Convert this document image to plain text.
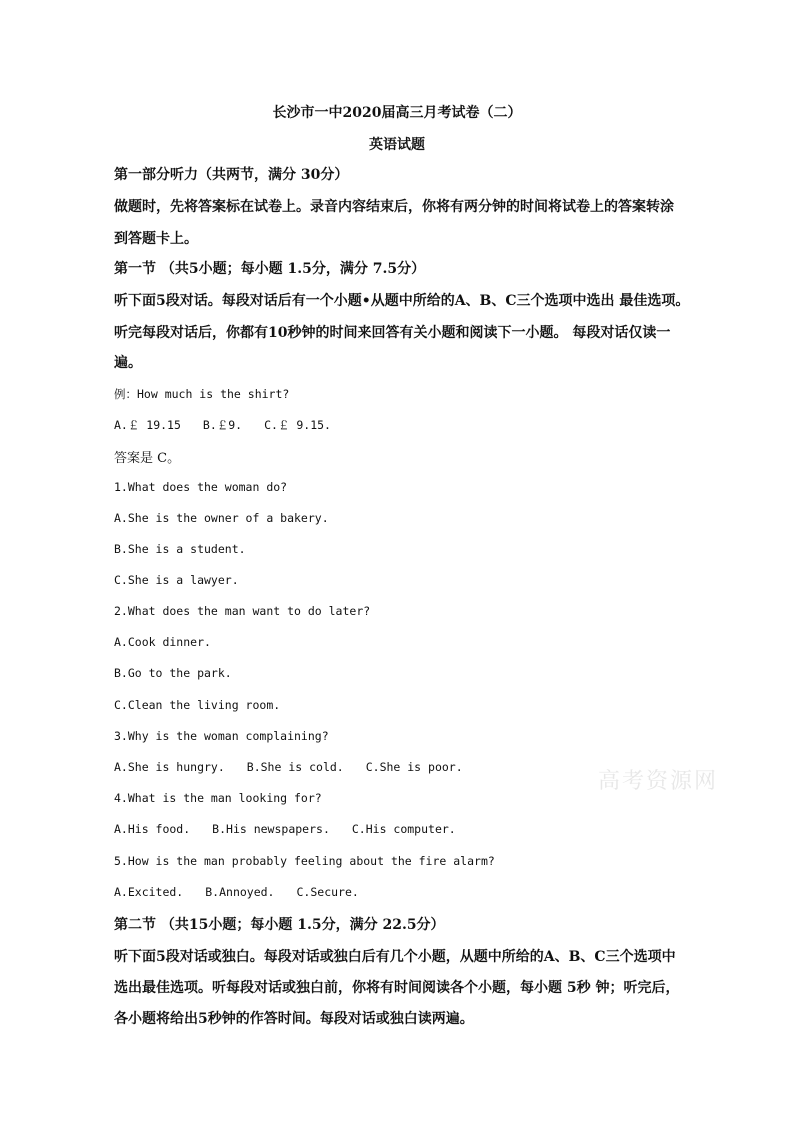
长沙市一中2020届高三月考试卷（二）
英语试题
第一部分听力（共两节，满分 30分）
做题时，先将答案标在试卷上。录音内容结束后，你将有两分钟的时间将试卷上的答案转涂
到答题卡上。
第一节 （共5小题；每小题 1.5分，满分 7.5分）
听下面5段对话。每段对话后有一个小题•从题中所给的A、B、C三个选项中选出 最佳选项。
听完每段对话后，你都有10秒钟的时间来回答有关小题和阅读下一小题。 每段对话仅读一
遍。
例：How much is the shirt?
A.￡ 19.15 B.￡9. C.￡ 9.15.
答案是 C。
1.What does the woman do?
A.She is the owner of a bakery.
B.She is a student.
C.She is a lawyer.
2.What does the man want to do later?
A.Cook dinner.
B.Go to the park.
C.Clean the living room.
3.Why is the woman complaining?
A.She is hungry. B.She is cold. C.She is poor.
4.What is the man looking for?
A.His food. B.His newspapers. C.His computer.
5.How is the man probably feeling about the fire alarm?
A.Excited. B.Annoyed. C.Secure.
第二节 （共15小题；每小题 1.5分，满分 22.5分）
听下面5段对话或独白。每段对话或独白后有几个小题，从题中所给的A、B、C三个选项中
选出最佳选项。听每段对话或独白前，你将有时间阅读各个小题，每小题 5秒 钟；听完后，
各小题将给出5秒钟的作答时间。每段对话或独白读两遍。
高考资源网
